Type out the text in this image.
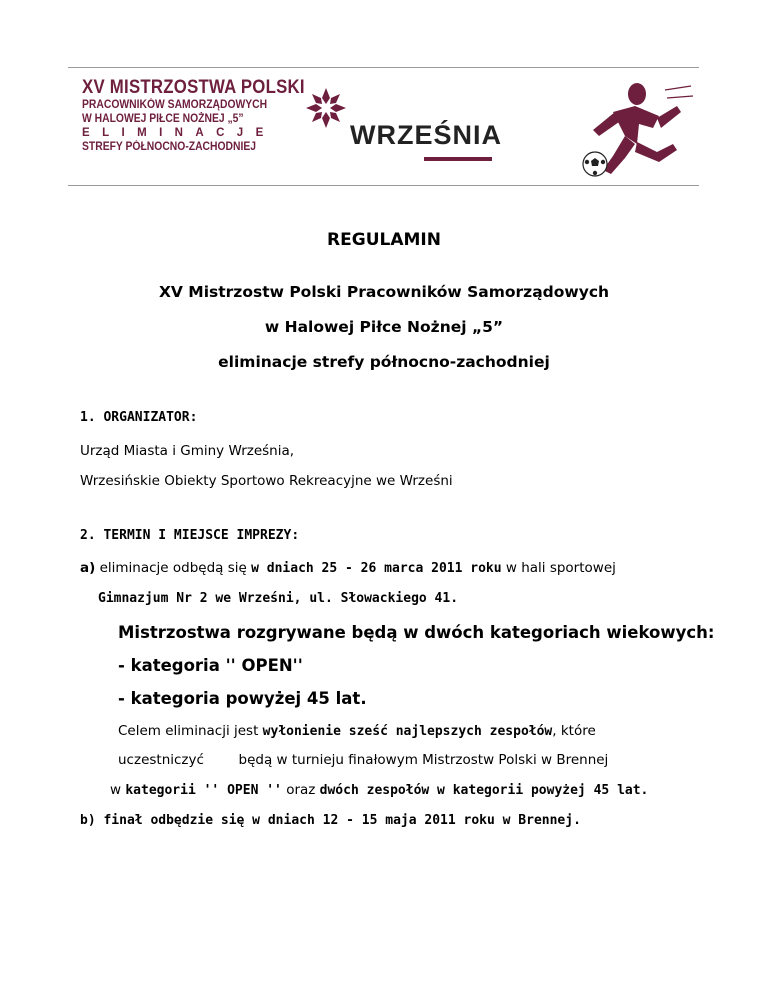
XV MISTRZOSTWA POLSKI
PRACOWNIKÓW SAMORZĄDOWYCH
W HALOWEJ PIŁCE NOŻNEJ „5”
ELIMINACJE
STREFY PÓŁNOCNO-ZACHODNIEJ	WRZEŚNIA
REGULAMIN
XV Mistrzostw Polski Pracowników Samorządowych
w Halowej Piłce Nożnej „5”
eliminacje strefy północno-zachodniej
1. ORGANIZATOR:
Urząd Miasta i Gminy Września,
Wrzesińskie Obiekty Sportowo Rekreacyjne we Wrześni
2. TERMIN I MIEJSCE IMPREZY:
a) eliminacje odbędą się w dniach 25 - 26 marca 2011 roku w hali sportowej
Gimnazjum Nr 2 we Wrześni, ul. Słowackiego 41.
Mistrzostwa rozgrywane będą w dwóch kategoriach wiekowych:
- kategoria '' OPEN''
- kategoria powyżej 45 lat.
Celem eliminacji jest wyłonienie sześć najlepszych zespołów, które
uczestniczyć	będą w turnieju finałowym Mistrzostw Polski w Brennej
w kategorii '' OPEN '' oraz dwóch zespołów w kategorii powyżej 45 lat.
b) finał odbędzie się w dniach 12 - 15 maja 2011 roku w Brennej.
